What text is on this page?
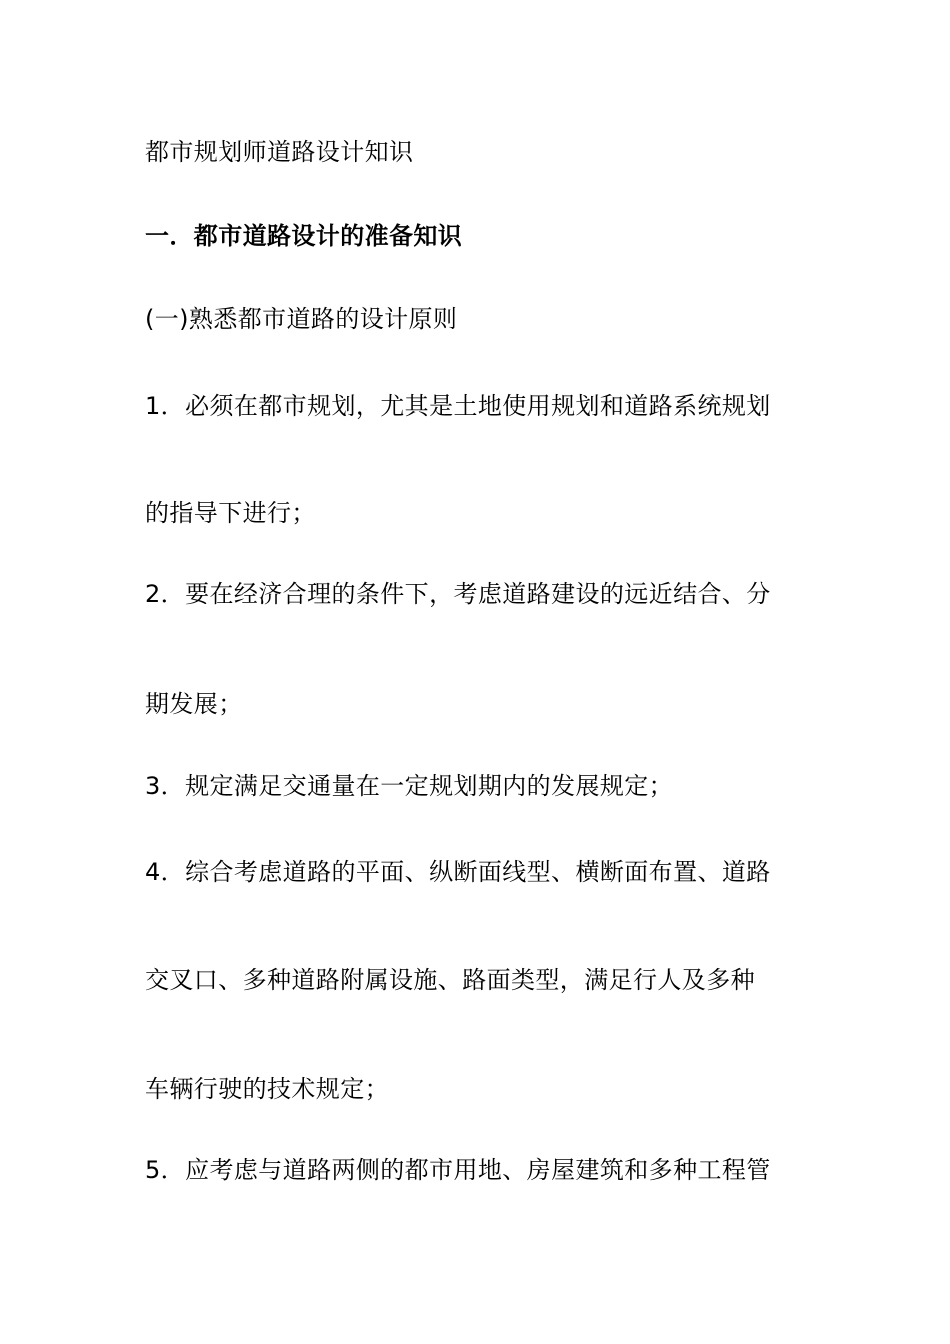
都市规划师道路设计知识
一．都市道路设计的准备知识
(一)熟悉都市道路的设计原则
1．必须在都市规划，尤其是土地使用规划和道路系统规划
的指导下进行；
2．要在经济合理的条件下，考虑道路建设的远近结合、分
期发展；
3．规定满足交通量在一定规划期内的发展规定；
4．综合考虑道路的平面、纵断面线型、横断面布置、道路
交叉口、多种道路附属设施、路面类型，满足行人及多种
车辆行驶的技术规定；
5．应考虑与道路两侧的都市用地、房屋建筑和多种工程管
